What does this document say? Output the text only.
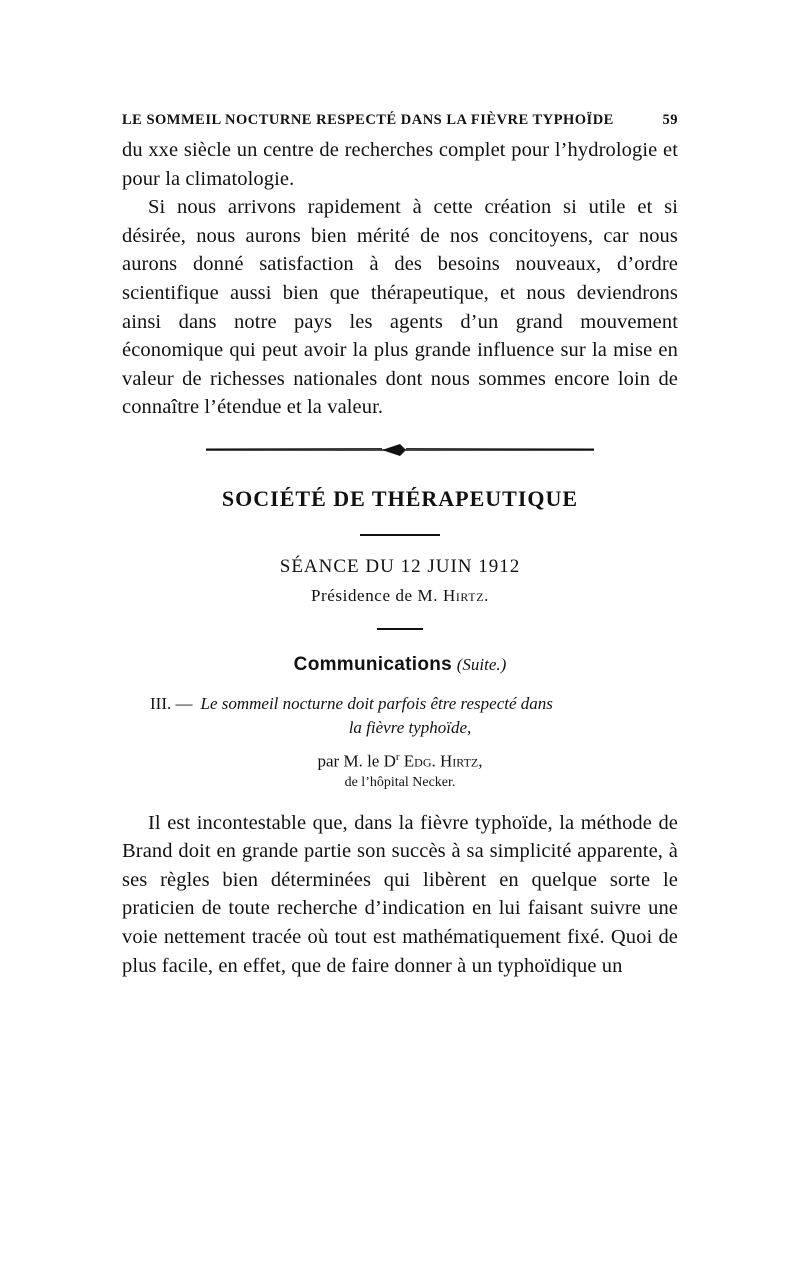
LE SOMMEIL NOCTURNE RESPECTÉ DANS LA FIÈVRE TYPHOÏDE	59

du xxe siècle un centre de recherches complet pour l’hydrologie et pour la climatologie.

Si nous arrivons rapidement à cette création si utile et si désirée, nous aurons bien mérité de nos concitoyens, car nous aurons donné satisfaction à des besoins nouveaux, d’ordre scientifique aussi bien que thérapeutique, et nous deviendrons ainsi dans notre pays les agents d’un grand mouvement économique qui peut avoir la plus grande influence sur la mise en valeur de richesses nationales dont nous sommes encore loin de connaître l’étendue et la valeur.

SOCIÉTÉ DE THÉRAPEUTIQUE

SÉANCE DU 12 JUIN 1912

Présidence de M. Hirtz.

Communications (Suite.)

III. — Le sommeil nocturne doit parfois être respecté dans
la fièvre typhoïde,

par M. le $D^r$ Edg. Hirtz,

de l’hôpital Necker.

Il est incontestable que, dans la fièvre typhoïde, la méthode de Brand doit en grande partie son succès à sa simplicité apparente, à ses règles bien déterminées qui libèrent en quelque sorte le praticien de toute recherche d’indication en lui faisant suivre une voie nettement tracée où tout est mathématiquement fixé. Quoi de plus facile, en effet, que de faire donner à un typhoïdique un
